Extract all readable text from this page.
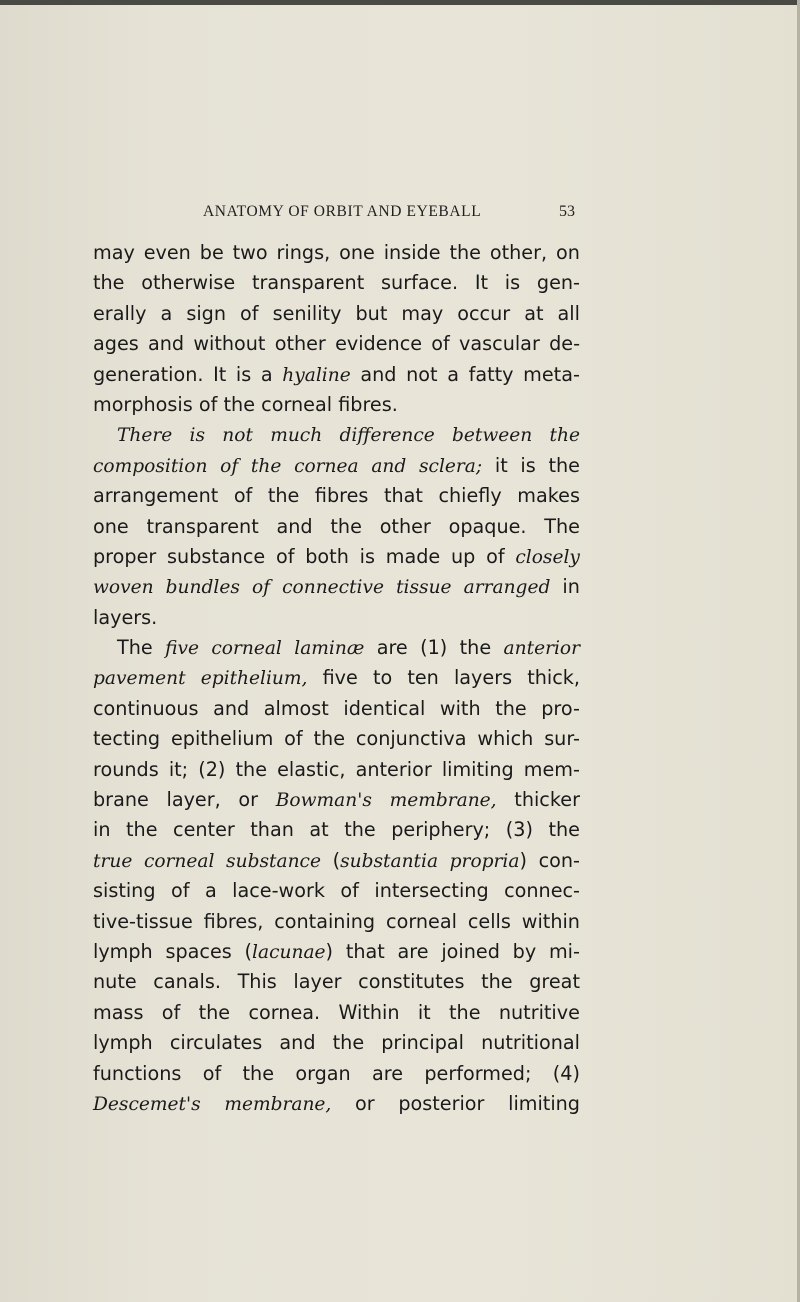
ANATOMY OF ORBIT AND EYEBALL	53
may even be two rings, one inside the other, on
the otherwise transparent surface. It is gen-
erally a sign of senility but may occur at all
ages and without other evidence of vascular de-
generation. It is a hyaline and not a fatty meta-
morphosis of the corneal fibres.
There is not much difference between the
composition of the cornea and sclera; it is the
arrangement of the fibres that chiefly makes
one transparent and the other opaque. The
proper substance of both is made up of closely
woven bundles of connective tissue arranged in
layers.
The five corneal laminæ are (1) the anterior
pavement epithelium, five to ten layers thick,
continuous and almost identical with the pro-
tecting epithelium of the conjunctiva which sur-
rounds it; (2) the elastic, anterior limiting mem-
brane layer, or Bowman's membrane, thicker
in the center than at the periphery; (3) the
true corneal substance (substantia propria) con-
sisting of a lace-work of intersecting connec-
tive-tissue fibres, containing corneal cells within
lymph spaces (lacunae) that are joined by mi-
nute canals. This layer constitutes the great
mass of the cornea. Within it the nutritive
lymph circulates and the principal nutritional
functions of the organ are performed; (4)
Descemet's membrane, or posterior limiting
